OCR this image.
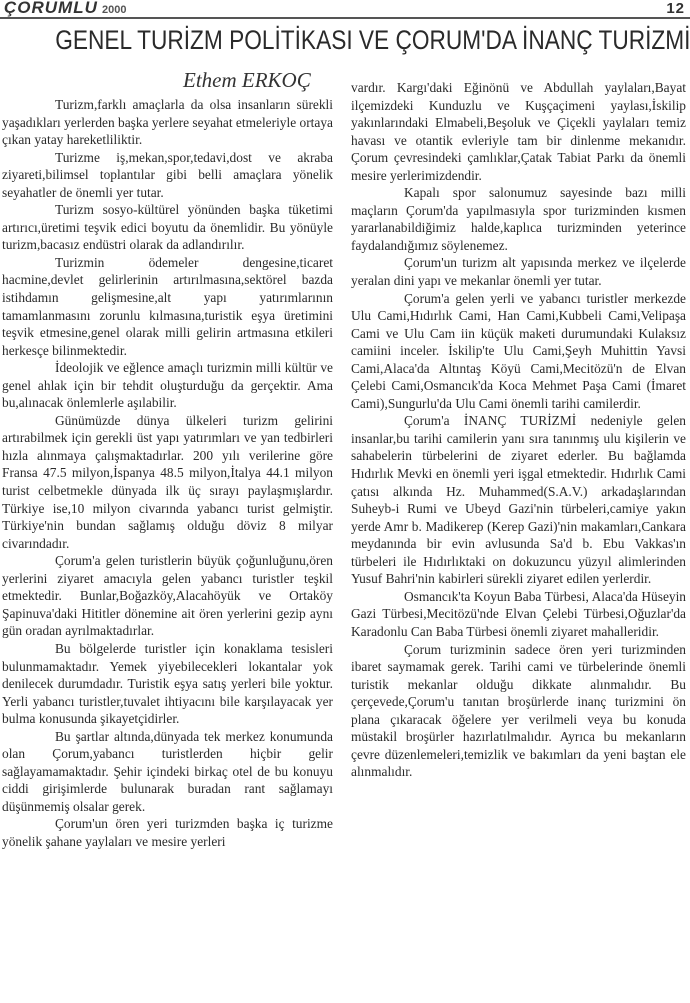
ÇORUMLU 2000	12
GENEL TURİZM POLİTİKASI VE ÇORUM'DA İNANÇ TURİZMİ
Ethem ERKOÇ

Turizm,farklı amaçlarla da olsa insanların sürekli yaşadıkları yerlerden başka yerlere seyahat etmeleriyle ortaya çıkan yatay hareketliliktir.

Turizme iş,mekan,spor,tedavi,dost ve akraba ziyareti,bilimsel toplantılar gibi belli amaçlara yönelik seyahatler de önemli yer tutar.

Turizm sosyo-kültürel yönünden başka tüketimi artırıcı,üretimi teşvik edici boyutu da önemlidir. Bu yönüyle turizm,bacasız endüstri olarak da adlandırılır.

Turizmin ödemeler dengesine,ticaret hacmine,devlet gelirlerinin artırılmasına,sektörel bazda istihdamın gelişmesine,alt yapı yatırımlarının tamamlanmasını zorunlu kılmasına,turistik eşya üretimini teşvik etmesine,genel olarak milli gelirin artmasına etkileri herkesçe bilinmektedir.

İdeolojik ve eğlence amaçlı turizmin milli kültür ve genel ahlak için bir tehdit oluşturduğu da gerçektir. Ama bu,alınacak önlemlerle aşılabilir.

Günümüzde dünya ülkeleri turizm gelirini artırabilmek için gerekli üst yapı yatırımları ve yan tedbirleri hızla alınmaya çalışmaktadırlar. 200 yılı verilerine göre Fransa 47.5 milyon,İspanya 48.5 milyon,İtalya 44.1 milyon turist celbetmekle dünyada ilk üç sırayı paylaşmışlardır. Türkiye ise,10 milyon civarında yabancı turist gelmiştir. Türkiye'nin bundan sağlamış olduğu döviz 8 milyar civarındadır.

Çorum'a gelen turistlerin büyük çoğunluğunu,ören yerlerini ziyaret amacıyla gelen yabancı turistler teşkil etmektedir. Bunlar,Boğazköy,Alacahöyük ve Ortaköy Şapinuva'daki Hititler dönemine ait ören yerlerini gezip aynı gün oradan ayrılmaktadırlar.

Bu bölgelerde turistler için konaklama tesisleri bulunmamaktadır. Yemek yiyebilecekleri lokantalar yok denilecek durumdadır. Turistik eşya satış yerleri bile yoktur. Yerli yabancı turistler,tuvalet ihtiyacını bile karşılayacak yer bulma konusunda şikayetçidirler.

Bu şartlar altında,dünyada tek merkez konumunda olan Çorum,yabancı turistlerden hiçbir gelir sağlayamamaktadır. Şehir içindeki birkaç otel de bu konuyu ciddi girişimlerde bulunarak buradan rant sağlamayı düşünmemiş olsalar gerek.

Çorum'un ören yeri turizmden başka iç turizme yönelik şahane yaylaları ve mesire yerleri

vardır. Kargı'daki Eğinönü ve Abdullah yaylaları,Bayat ilçemizdeki Kunduzlu ve Kuşçaçimeni yaylası,İskilip yakınlarındaki Elmabeli,Beşoluk ve Çiçekli yaylaları temiz havası ve otantik evleriyle tam bir dinlenme mekanıdır. Çorum çevresindeki çamlıklar,Çatak Tabiat Parkı da önemli mesire yerlerimizdendir.

Kapalı spor salonumuz sayesinde bazı milli maçların Çorum'da yapılmasıyla spor turizminden kısmen yararlanabildiğimiz halde,kaplıca turizminden yeterince faydalandığımız söylenemez.

Çorum'un turizm alt yapısında merkez ve ilçelerde yeralan dini yapı ve mekanlar önemli yer tutar.

Çorum'a gelen yerli ve yabancı turistler merkezde Ulu Cami,Hıdırlık Cami, Han Cami,Kubbeli Cami,Velipaşa Cami ve Ulu Cam iin küçük maketi durumundaki Kulaksız camiini inceler. İskilip'te Ulu Cami,Şeyh Muhittin Yavsi Cami,Alaca'da Altıntaş Köyü Cami,Mecitözü'n de Elvan Çelebi Cami,Osmancık'da Koca Mehmet Paşa Cami (İmaret Cami),Sungurlu'da Ulu Cami önemli tarihi camilerdir.

Çorum'a İNANÇ TURİZMİ nedeniyle gelen insanlar,bu tarihi camilerin yanı sıra tanınmış ulu kişilerin ve sahabelerin türbelerini de ziyaret ederler. Bu bağlamda Hıdırlık Mevki en önemli yeri işgal etmektedir. Hıdırlık Cami çatısı alkında Hz. Muhammed(S.A.V.) arkadaşlarından Suheyb-i Rumi ve Ubeyd Gazi'nin türbeleri,camiye yakın yerde Amr b. Madikerep (Kerep Gazi)'nin makamları,Cankara meydanında bir evin avlusunda Sa'd b. Ebu Vakkas'ın türbeleri ile Hıdırlıktaki on dokuzuncu yüzyıl alimlerinden Yusuf Bahri'nin kabirleri sürekli ziyaret edilen yerlerdir.

Osmancık'ta Koyun Baba Türbesi, Alaca'da Hüseyin Gazi Türbesi,Mecitözü'nde Elvan Çelebi Türbesi,Oğuzlar'da Karadonlu Can Baba Türbesi önemli ziyaret mahalleridir.

Çorum turizminin sadece ören yeri turizminden ibaret saymamak gerek. Tarihi cami ve türbelerinde önemli turistik mekanlar olduğu dikkate alınmalıdır. Bu çerçevede,Çorum'u tanıtan broşürlerde inanç turizmini ön plana çıkaracak öğelere yer verilmeli veya bu konuda müstakil broşürler hazırlatılmalıdır. Ayrıca bu mekanların çevre düzenlemeleri,temizlik ve bakımları da yeni baştan ele alınmalıdır.
